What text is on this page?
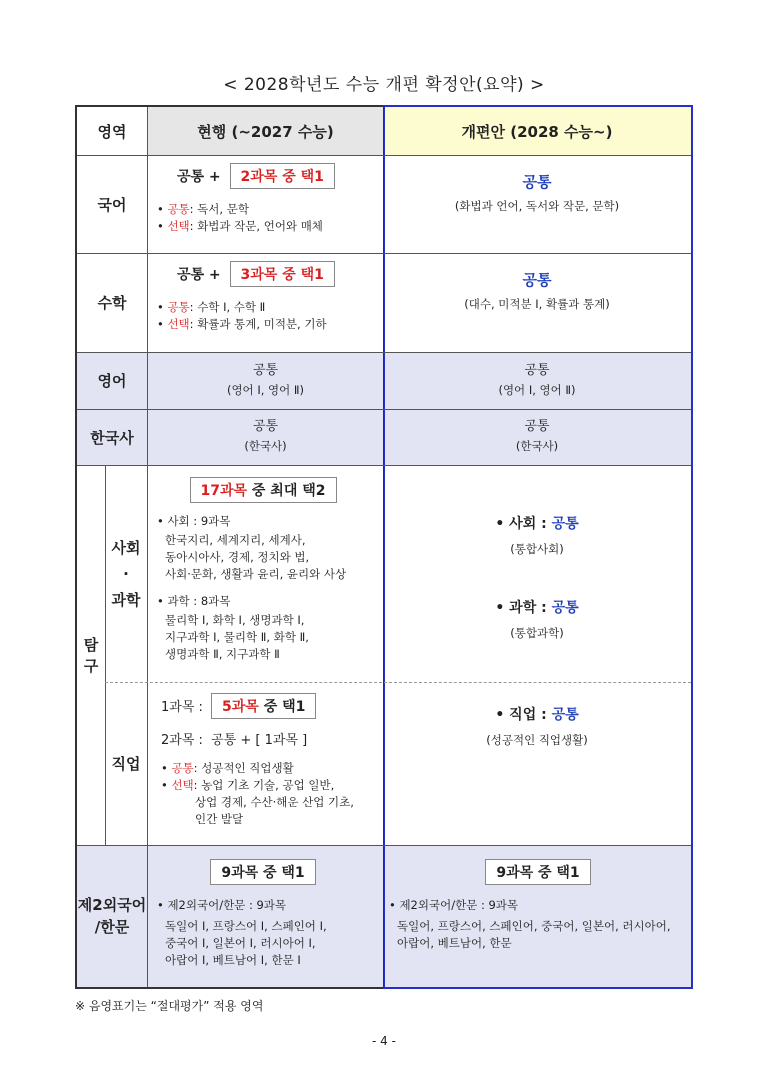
< 2028학년도 수능 개편 확정안(요약) >
영역	현행 (~2027 수능)	개편안 (2028 수능~)
국어
공통 + 2과목 중 택1
• 공통: 독서, 문학
• 선택: 화법과 작문, 언어와 매체
공통
(화법과 언어, 독서와 작문, 문학)
수학
공통 + 3과목 중 택1
• 공통: 수학 Ⅰ, 수학 Ⅱ
• 선택: 확률과 통계, 미적분, 기하
공통
(대수, 미적분 Ⅰ, 확률과 통계)
영어
공통
(영어 Ⅰ, 영어 Ⅱ)
공통
(영어 Ⅰ, 영어 Ⅱ)
한국사
공통
(한국사)
공통
(한국사)
탐
구
사회
·
과학
17과목 중 최대 택2
• 사회 : 9과목
한국지리, 세계지리, 세계사,
동아시아사, 경제, 정치와 법,
사회·문화, 생활과 윤리, 윤리와 사상
• 과학 : 8과목
물리학 Ⅰ, 화학 Ⅰ, 생명과학 Ⅰ,
지구과학 Ⅰ, 물리학 Ⅱ, 화학 Ⅱ,
생명과학 Ⅱ, 지구과학 Ⅱ
• 사회 : 공통
(통합사회)
• 과학 : 공통
(통합과학)
직업
1과목 : 5과목 중 택1
2과목 :  공통 + [ 1과목 ]
• 공통: 성공적인 직업생활
• 선택: 농업 기초 기술, 공업 일반,
상업 경제, 수산·해운 산업 기초,
인간 발달
• 직업 : 공통
(성공적인 직업생활)
제2외국어
/한문
9과목 중 택1
• 제2외국어/한문 : 9과목
독일어 Ⅰ, 프랑스어 Ⅰ, 스페인어 Ⅰ,
중국어 Ⅰ, 일본어 Ⅰ, 러시아어 Ⅰ,
아랍어 Ⅰ, 베트남어 Ⅰ, 한문 Ⅰ
9과목 중 택1
• 제2외국어/한문 : 9과목
독일어, 프랑스어, 스페인어, 중국어, 일본어, 러시아어,
아랍어, 베트남어, 한문
※ 음영표기는 “절대평가” 적용 영역
- 4 -
